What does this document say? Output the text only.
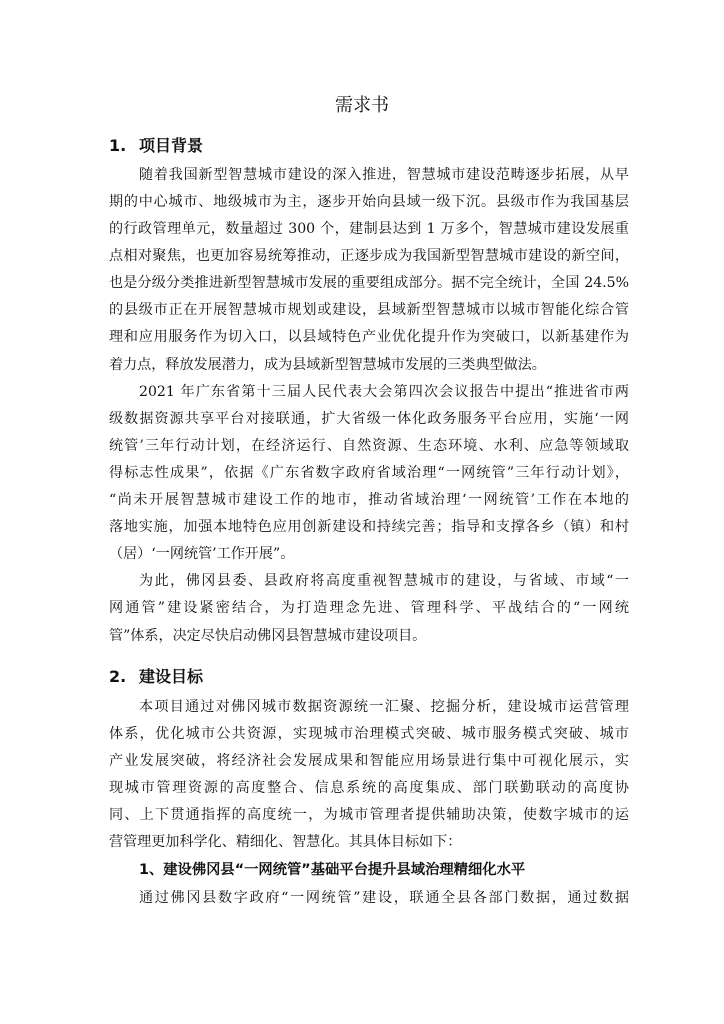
需求书
1. 项目背景
随着我国新型智慧城市建设的深入推进，智慧城市建设范畴逐步拓展，从早
期的中心城市、地级城市为主，逐步开始向县域一级下沉。县级市作为我国基层
的行政管理单元，数量超过 300 个，建制县达到 1 万多个，智慧城市建设发展重
点相对聚焦，也更加容易统筹推动，正逐步成为我国新型智慧城市建设的新空间，
也是分级分类推进新型智慧城市发展的重要组成部分。据不完全统计，全国 24.5%
的县级市正在开展智慧城市规划或建设，县域新型智慧城市以城市智能化综合管
理和应用服务作为切入口，以县域特色产业优化提升作为突破口，以新基建作为
着力点，释放发展潜力，成为县域新型智慧城市发展的三类典型做法。
2021 年广东省第十三届人民代表大会第四次会议报告中提出“推进省市两
级数据资源共享平台对接联通，扩大省级一体化政务服务平台应用，实施‘一网
统管’三年行动计划，在经济运行、自然资源、生态环境、水利、应急等领域取
得标志性成果”，依据《广东省数字政府省域治理“一网统管”三年行动计划》，
“尚未开展智慧城市建设工作的地市，推动省域治理‘一网统管’工作在本地的
落地实施，加强本地特色应用创新建设和持续完善；指导和支撑各乡（镇）和村
（居）‘一网统管’工作开展”。
为此，佛冈县委、县政府将高度重视智慧城市的建设，与省域、市域“一
网通管”建设紧密结合，为打造理念先进、管理科学、平战结合的“一网统
管”体系，决定尽快启动佛冈县智慧城市建设项目。
2. 建设目标
本项目通过对佛冈城市数据资源统一汇聚、挖掘分析，建设城市运营管理
体系，优化城市公共资源，实现城市治理模式突破、城市服务模式突破、城市
产业发展突破，将经济社会发展成果和智能应用场景进行集中可视化展示，实
现城市管理资源的高度整合、信息系统的高度集成、部门联勤联动的高度协
同、上下贯通指挥的高度统一，为城市管理者提供辅助决策，使数字城市的运
营管理更加科学化、精细化、智慧化。其具体目标如下：
1、建设佛冈县“一网统管”基础平台提升县域治理精细化水平
通过佛冈县数字政府“一网统管”建设，联通全县各部门数据，通过数据
